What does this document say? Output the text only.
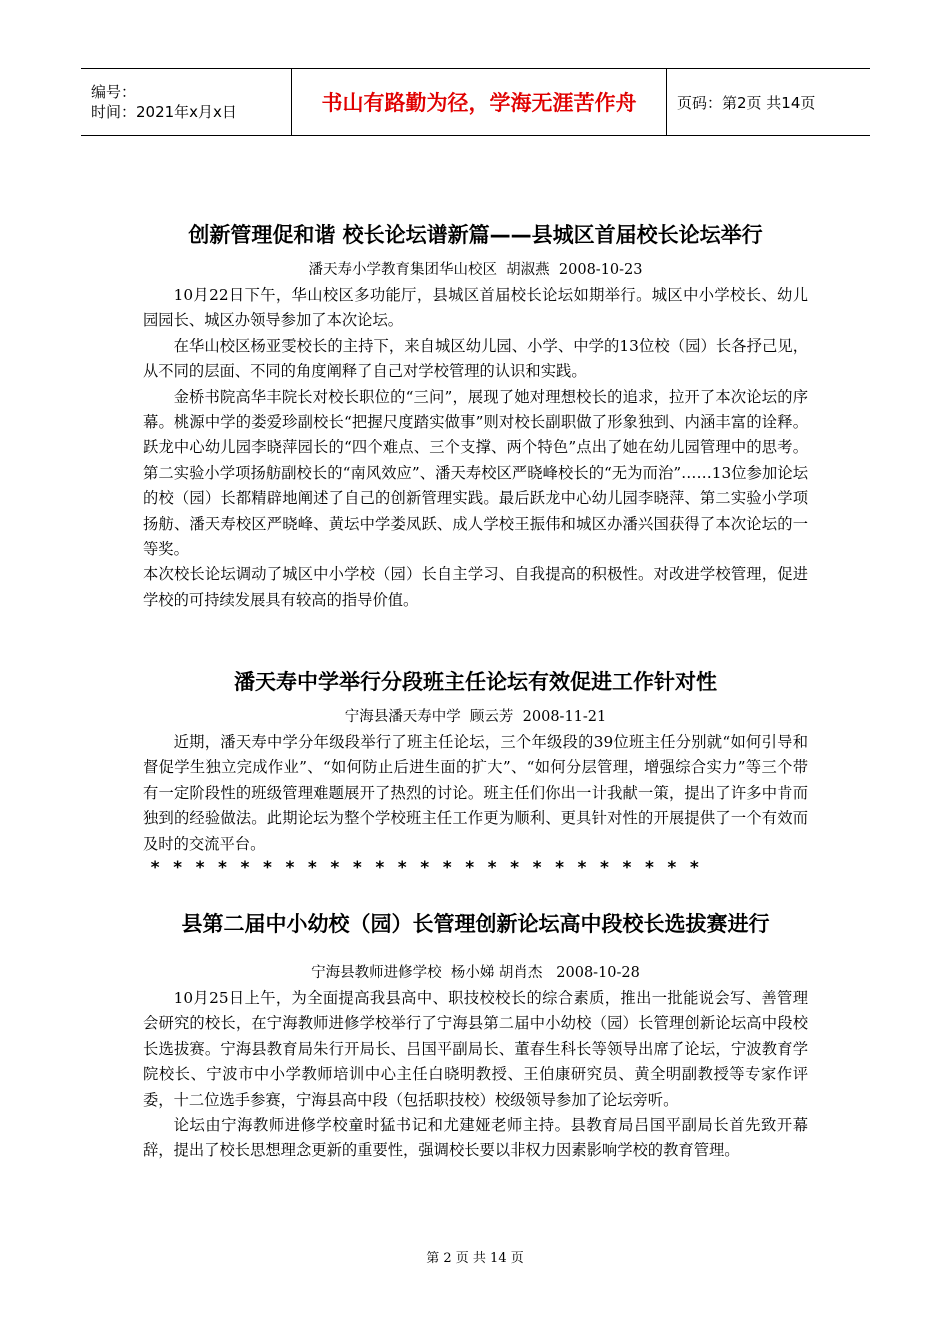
编号：
时间：2021年x月x日	书山有路勤为径，学海无涯苦作舟	页码：第2页 共14页
创新管理促和谐 校长论坛谱新篇——县城区首届校长论坛举行
潘天寿小学教育集团华山校区  胡淑燕  2008-10-23

10月22日下午，华山校区多功能厅，县城区首届校长论坛如期举行。城区中小学校长、幼儿园园长、城区办领导参加了本次论坛。

在华山校区杨亚雯校长的主持下，来自城区幼儿园、小学、中学的13位校（园）长各抒己见，从不同的层面、不同的角度阐释了自己对学校管理的认识和实践。

金桥书院高华丰院长对校长职位的“三问”，展现了她对理想校长的追求，拉开了本次论坛的序幕。桃源中学的娄爱珍副校长“把握尺度踏实做事”则对校长副职做了形象独到、内涵丰富的诠释。跃龙中心幼儿园李晓萍园长的“四个难点、三个支撑、两个特色”点出了她在幼儿园管理中的思考。第二实验小学项扬舫副校长的“南风效应”、潘天寿校区严晓峰校长的“无为而治”……13位参加论坛的校（园）长都精辟地阐述了自己的创新管理实践。最后跃龙中心幼儿园李晓萍、第二实验小学项扬舫、潘天寿校区严晓峰、黄坛中学娄凤跃、成人学校王振伟和城区办潘兴国获得了本次论坛的一等奖。

本次校长论坛调动了城区中小学校（园）长自主学习、自我提高的积极性。对改进学校管理，促进学校的可持续发展具有较高的指导价值。

潘天寿中学举行分段班主任论坛有效促进工作针对性
宁海县潘天寿中学  顾云芳  2008-11-21

近期，潘天寿中学分年级段举行了班主任论坛，三个年级段的39位班主任分别就“如何引导和督促学生独立完成作业”、“如何防止后进生面的扩大”、“如何分层管理，增强综合实力”等三个带有一定阶段性的班级管理难题展开了热烈的讨论。班主任们你出一计我献一策，提出了许多中肯而独到的经验做法。此期论坛为整个学校班主任工作更为顺利、更具针对性的开展提供了一个有效而及时的交流平台。

* * * * * * * * * * * * * * * * * * * * * * * * *
县第二届中小幼校（园）长管理创新论坛高中段校长选拔赛进行
宁海县教师进修学校  杨小娣 胡肖杰   2008-10-28

10月25日上午，为全面提高我县高中、职技校校长的综合素质，推出一批能说会写、善管理会研究的校长，在宁海教师进修学校举行了宁海县第二届中小幼校（园）长管理创新论坛高中段校长选拔赛。宁海县教育局朱行开局长、吕国平副局长、董春生科长等领导出席了论坛，宁波教育学院校长、宁波市中小学教师培训中心主任白晓明教授、王伯康研究员、黄全明副教授等专家作评委，十二位选手参赛，宁海县高中段（包括职技校）校级领导参加了论坛旁听。

论坛由宁海教师进修学校童时猛书记和尤建娅老师主持。县教育局吕国平副局长首先致开幕辞，提出了校长思想理念更新的重要性，强调校长要以非权力因素影响学校的教育管理。

第 2 页 共 14 页
